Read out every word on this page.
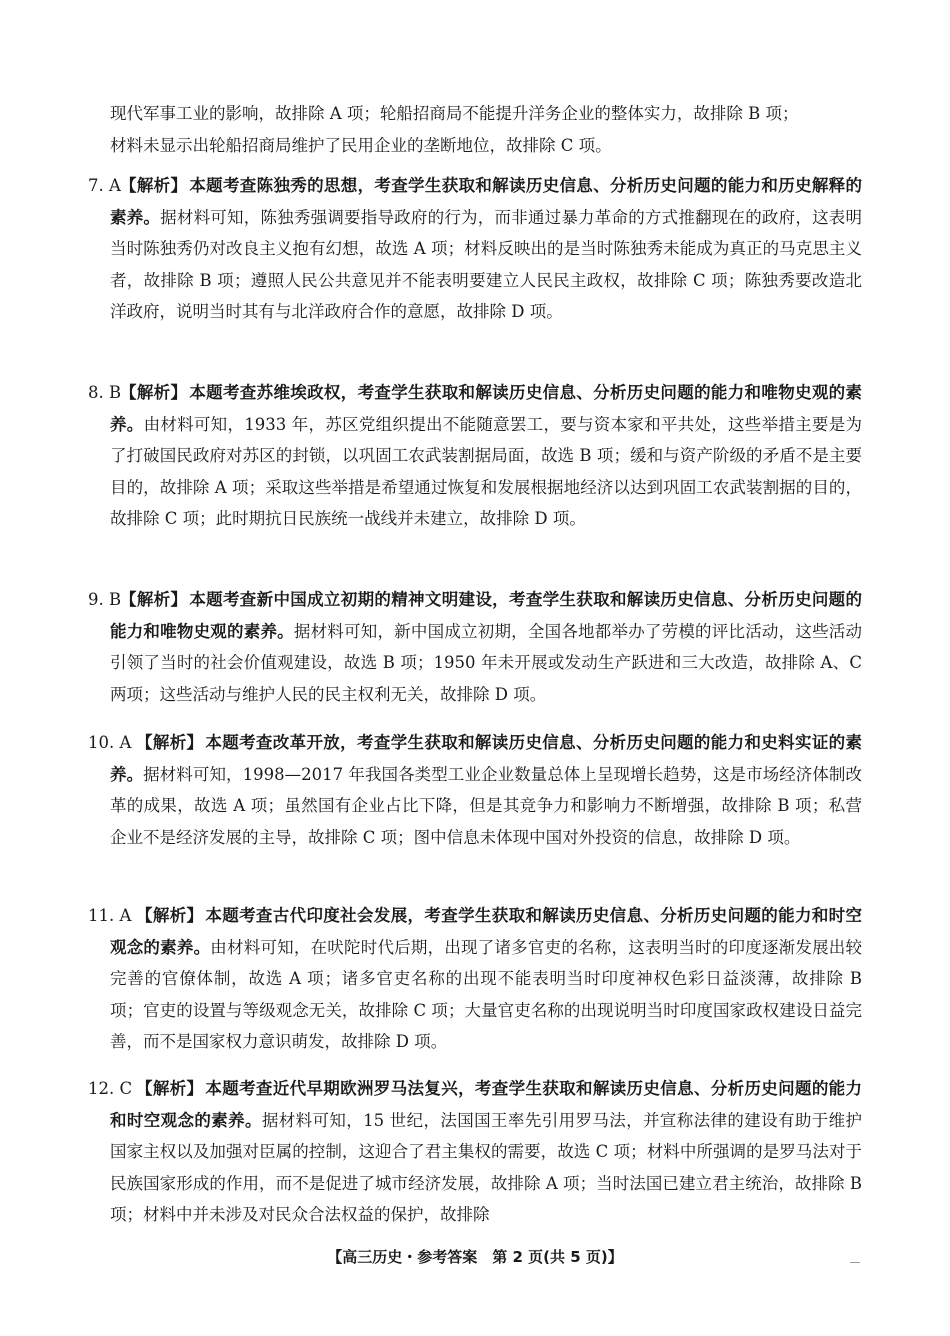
现代军事工业的影响，故排除 A 项；轮船招商局不能提升洋务企业的整体实力，故排除 B 项；

材料未显示出轮船招商局维护了民用企业的垄断地位，故排除 C 项。

7. A 【解析】 本题考查陈独秀的思想，考查学生获取和解读历史信息、分析历史问题的能力和历史解释的素养。据材料可知，陈独秀强调要指导政府的行为，而非通过暴力革命的方式推翻现在的政府，这表明当时陈独秀仍对改良主义抱有幻想，故选 A 项；材料反映出的是当时陈独秀未能成为真正的马克思主义者，故排除 B 项；遵照人民公共意见并不能表明要建立人民民主政权，故排除 C 项；陈独秀要改造北洋政府，说明当时其有与北洋政府合作的意愿，故排除 D 项。
8. B
【解析】 本题考查苏维埃政权，考查学生获取和解读历史信息、分析历史问题的能力和唯物史观的素养。由材料可知，1933 年，苏区党组织提出不能随意罢工，要与资本家和平共处，这些举措主要是为了打破国民政府对苏区的封锁，以巩固工农武装割据局面，故选 B 项；缓和与资产阶级的矛盾不是主要目的，故排除 A 项；采取这些举措是希望通过恢复和发展根据地经济以达到巩固工农武装割据的目的，故排除 C 项；此时期抗日民族统一战线并未建立，故排除 D 项。
9. B
【解析】 本题考查新中国成立初期的精神文明建设，考查学生获取和解读历史信息、分析历史问题的能力和唯物史观的素养。据材料可知，新中国成立初期，全国各地都举办了劳模的评比活动，这些活动引领了当时的社会价值观建设，故选 B 项；1950 年未开展或发动生产跃进和三大改造，故排除 A、C 两项；这些活动与维护人民的民主权利无关，故排除 D 项。
10. A 【解析】 本题考查改革开放，考查学生获取和解读历史信息、分析历史问题的能力和史料实证的素养。据材料可知，1998—2017 年我国各类型工业企业数量总体上呈现增长趋势，这是市场经济体制改革的成果，故选 A 项；虽然国有企业占比下降，但是其竞争力和影响力不断增强，故排除 B 项；私营企业不是经济发展的主导，故排除 C 项；图中信息未体现中国对外投资的信息，故排除 D 项。
11. A 【解析】 本题考查古代印度社会发展，考查学生获取和解读历史信息、分析历史问题的能力和时空观念的素养。由材料可知，在吠陀时代后期，出现了诸多官吏的名称，这表明当时的印度逐渐发展出较完善的官僚体制，故选 A 项；诸多官吏名称的出现不能表明当时印度神权色彩日益淡薄，故排除 B 项；官吏的设置与等级观念无关，故排除 C 项；大量官吏名称的出现说明当时印度国家政权建设日益完善，而不是国家权力意识萌发，故排除 D 项。
12. C 【解析】 本题考查近代早期欧洲罗马法复兴，考查学生获取和解读历史信息、分析历史问题的能力和时空观念的素养。据材料可知，15 世纪，法国国王率先引用罗马法，并宣称法律的建设有助于维护国家主权以及加强对臣属的控制，这迎合了君主集权的需要，故选 C 项；材料中所强调的是罗马法对于民族国家形成的作用，而不是促进了城市经济发展，故排除 A 项；当时法国已建立君主统治，故排除 B 项；材料中并未涉及对民众合法权益的保护，故排除
【高三历史・参考答案　第 2 页(共 5 页)】
